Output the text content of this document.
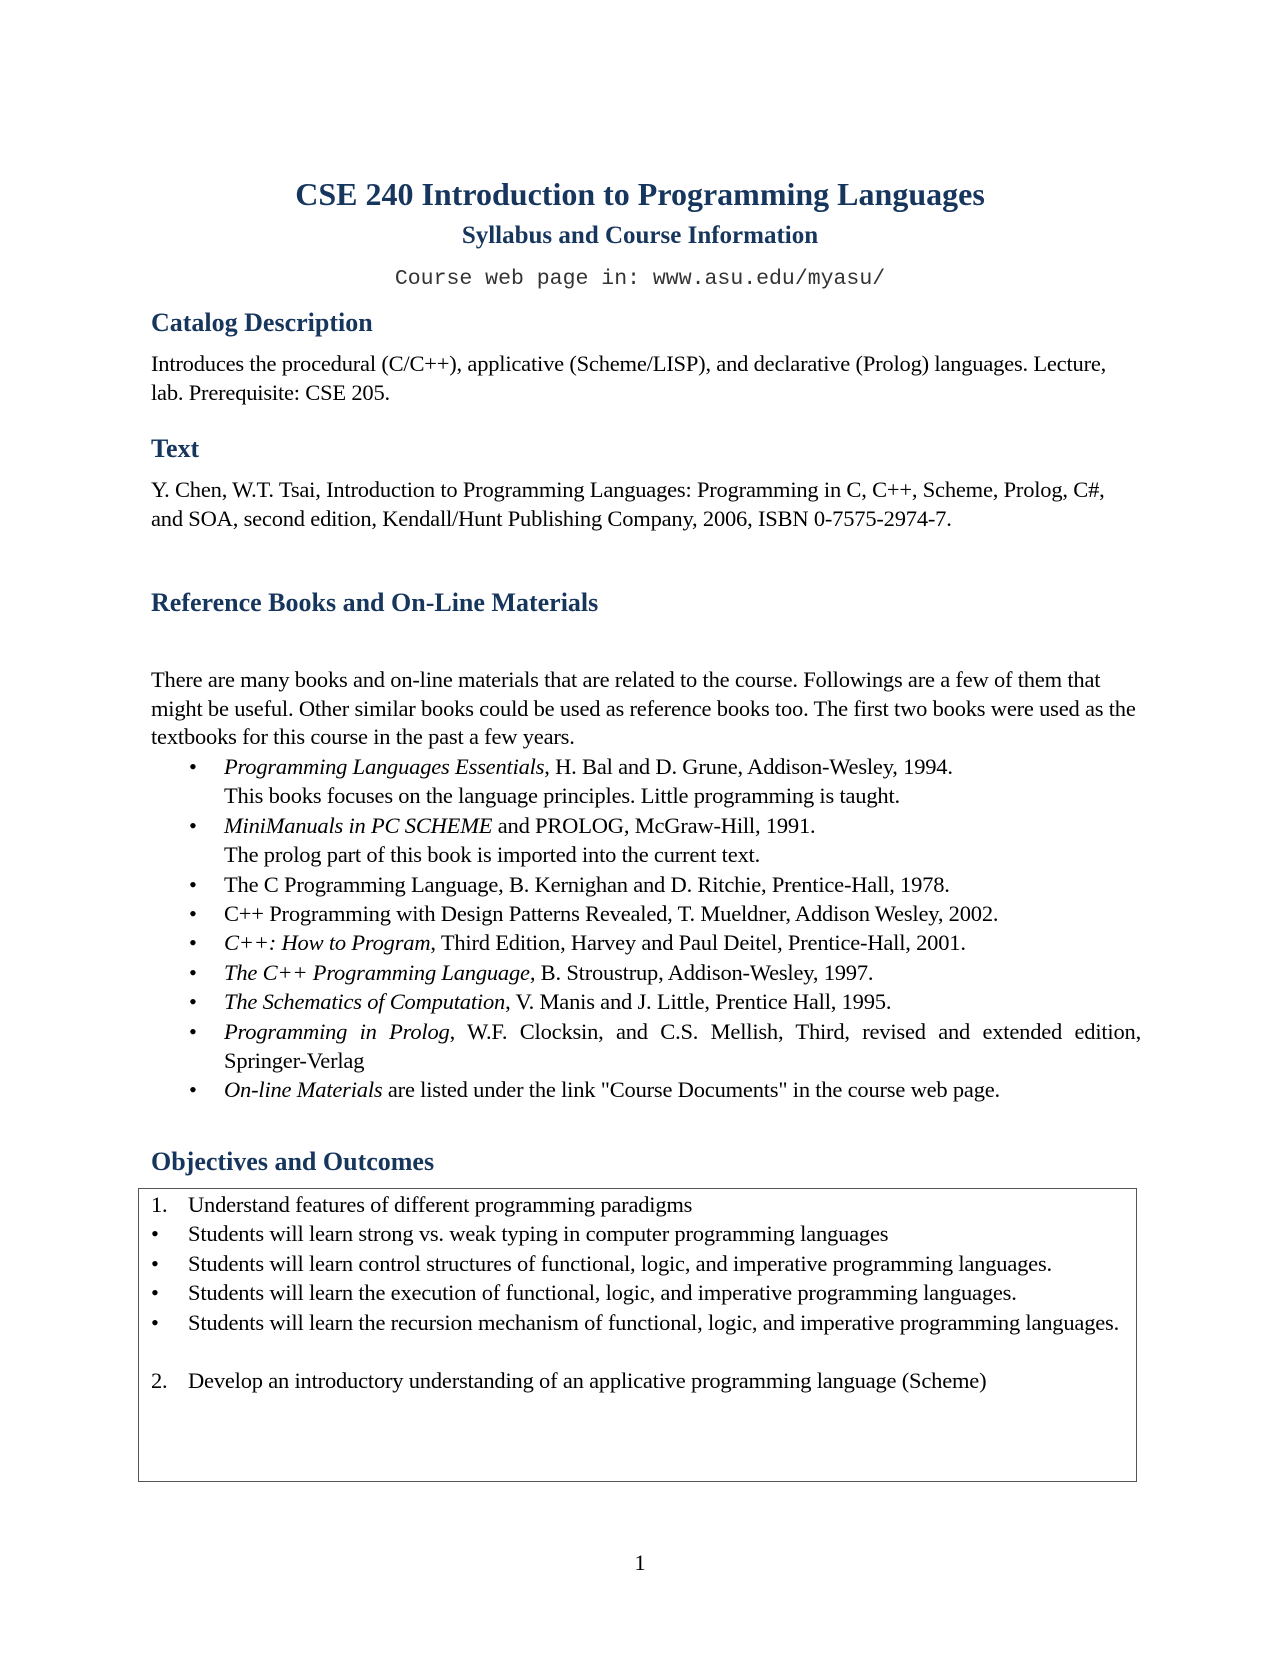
CSE 240 Introduction to Programming Languages
Syllabus and Course Information
Course web page in: www.asu.edu/myasu/
Catalog Description

Introduces the procedural (C/C++), applicative (Scheme/LISP), and declarative (Prolog) languages. Lecture, lab. Prerequisite: CSE 205.

Text

Y. Chen, W.T. Tsai, Introduction to Programming Languages: Programming in C, C++, Scheme, Prolog, C#, and SOA, second edition, Kendall/Hunt Publishing Company, 2006, ISBN 0-7575-2974-7.

Reference Books and On-Line Materials

There are many books and on-line materials that are related to the course. Followings are a few of them that might be useful. Other similar books could be used as reference books too. The first two books were used as the textbooks for this course in the past a few years.

• Programming Languages Essentials, H. Bal and D. Grune, Addison-Wesley, 1994.
This books focuses on the language principles. Little programming is taught.
• MiniManuals in PC SCHEME and PROLOG, McGraw-Hill, 1991.
The prolog part of this book is imported into the current text.
• The C Programming Language, B. Kernighan and D. Ritchie, Prentice-Hall, 1978.
• C++ Programming with Design Patterns Revealed, T. Mueldner, Addison Wesley, 2002.
• C++: How to Program, Third Edition, Harvey and Paul Deitel, Prentice-Hall, 2001.
• The C++ Programming Language, B. Stroustrup, Addison-Wesley, 1997.
• The Schematics of Computation, V. Manis and J. Little, Prentice Hall, 1995.
• Programming in Prolog, W.F. Clocksin, and C.S. Mellish, Third, revised and extended edition, Springer-Verlag
• On-line Materials are listed under the link "Course Documents" in the course web page.
Objectives and Outcomes
1. Understand features of different programming paradigms
• Students will learn strong vs. weak typing in computer programming languages
• Students will learn control structures of functional, logic, and imperative programming languages.
• Students will learn the execution of functional, logic, and imperative programming languages.
• Students will learn the recursion mechanism of functional, logic, and imperative programming languages.
2. Develop an introductory understanding of an applicative programming language (Scheme)
1
